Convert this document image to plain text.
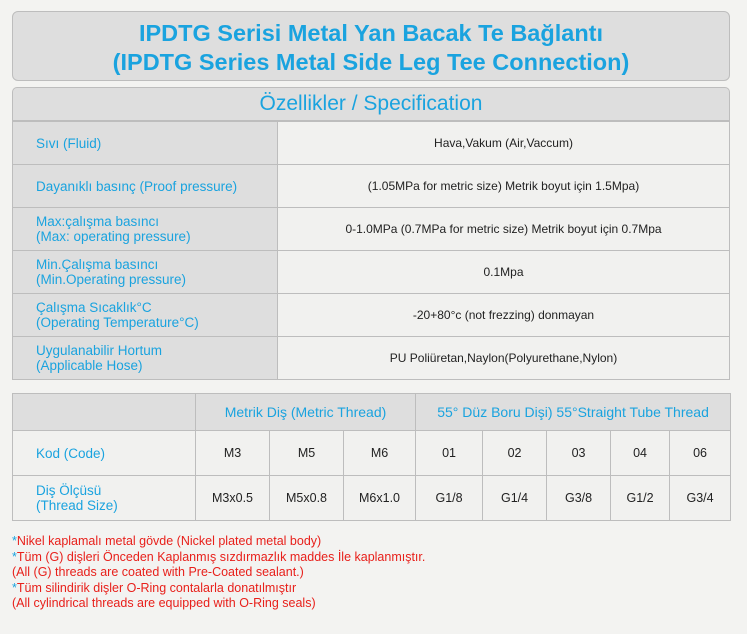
IPDTG Serisi Metal Yan Bacak Te Bağlantı
(IPDTG Series Metal Side Leg Tee Connection)
Özellikler / Specification
Sıvı (Fluid)	Hava,Vakum (Air,Vaccum)

Dayanıklı basınç (Proof pressure)	(1.05MPa for metric size) Metrik boyut için 1.5Mpa)

Max:çalışma basıncı
(Max: operating pressure)	0-1.0MPa (0.7MPa for metric size) Metrik boyut için 0.7Mpa

Min.Çalışma basıncı
(Min.Operating pressure)	0.1Mpa

Çalışma Sıcaklık°C
(Operating Temperature°C)	-20+80°c (not frezzing) donmayan

Uygulanabilir Hortum
(Applicable Hose)	PU Poliüretan,Naylon(Polyurethane,Nylon)
	Metrik Diş (Metric Thread)			55° Düz Boru Dişi) 55°Straight Tube Thread				
Kod (Code)	M3	M5	M6	01	02	03	04	06

Diş Ölçüsü
(Thread Size)	M3x0.5	M5x0.8	M6x1.0	G1/8	G1/4	G3/8	G1/2	G3/4
*Nikel kaplamalı metal gövde (Nickel plated metal body)
*Tüm (G) dişleri Önceden Kaplanmış sızdırmazlık maddes İle kaplanmıştır.
(All (G) threads are coated with Pre-Coated sealant.)
*Tüm silindirik dişler O-Ring contalarla donatılmıştır
(All cylindrical threads are equipped with O-Ring seals)
